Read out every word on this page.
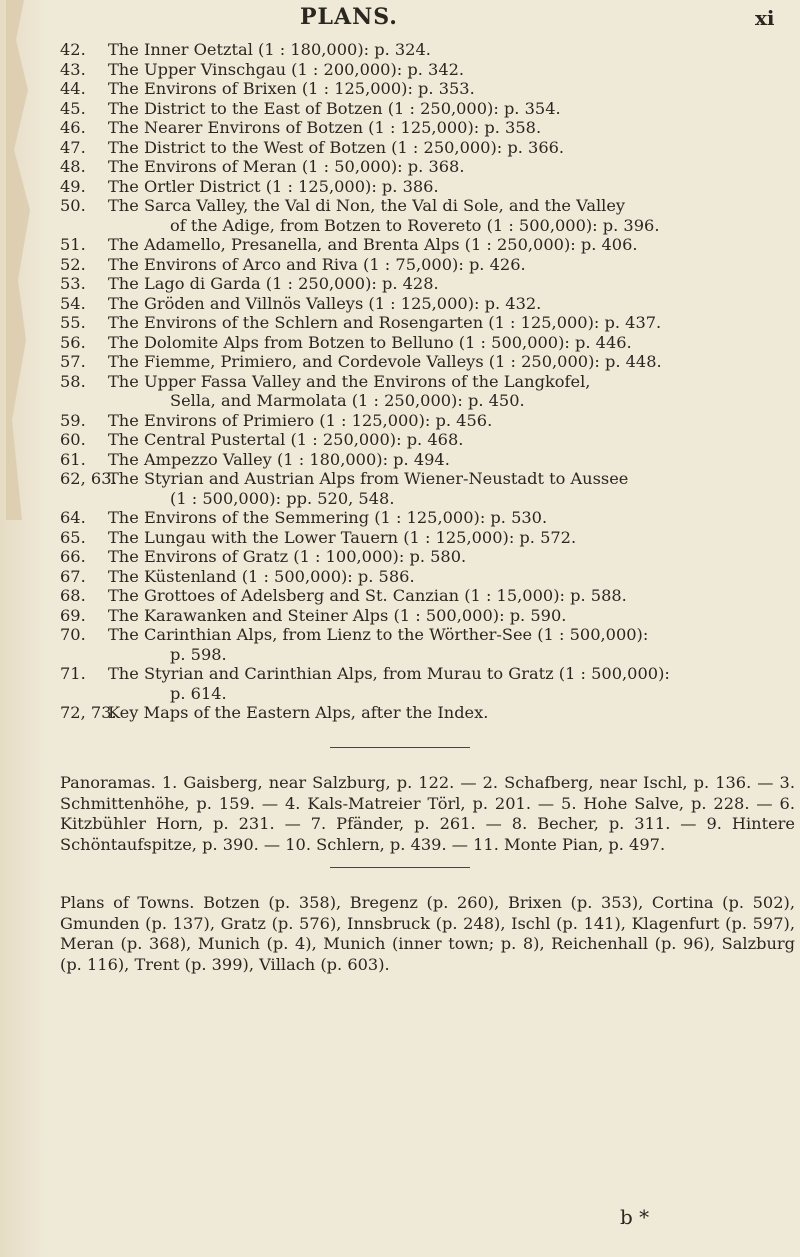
PLANS.	xi
42. The Inner Oetztal (1 : 180,000): p. 324.
43. The Upper Vinschgau (1 : 200,000): p. 342.
44. The Environs of Brixen (1 : 125,000): p. 353.
45. The District to the East of Botzen (1 : 250,000): p. 354.
46. The Nearer Environs of Botzen (1 : 125,000): p. 358.
47. The District to the West of Botzen (1 : 250,000): p. 366.
48. The Environs of Meran (1 : 50,000): p. 368.
49. The Ortler District (1 : 125,000): p. 386.
50. The Sarca Valley, the Val di Non, the Val di Sole, and the Valley
of the Adige, from Botzen to Rovereto (1 : 500,000): p. 396.
51. The Adamello, Presanella, and Brenta Alps (1 : 250,000): p. 406.
52. The Environs of Arco and Riva (1 : 75,000): p. 426.
53. The Lago di Garda (1 : 250,000): p. 428.
54. The Gröden and Villnös Valleys (1 : 125,000): p. 432.
55. The Environs of the Schlern and Rosengarten (1 : 125,000): p. 437.
56. The Dolomite Alps from Botzen to Belluno (1 : 500,000): p. 446.
57. The Fiemme, Primiero, and Cordevole Valleys (1 : 250,000): p. 448.
58. The Upper Fassa Valley and the Environs of the Langkofel,
Sella, and Marmolata (1 : 250,000): p. 450.
59. The Environs of Primiero (1 : 125,000): p. 456.
60. The Central Pustertal (1 : 250,000): p. 468.
61. The Ampezzo Valley (1 : 180,000): p. 494.
62, 63.The Styrian and Austrian Alps from Wiener-Neustadt to Aussee
(1 : 500,000): pp. 520, 548.
64. The Environs of the Semmering (1 : 125,000): p. 530.
65. The Lungau with the Lower Tauern (1 : 125,000): p. 572.
66. The Environs of Gratz (1 : 100,000): p. 580.
67. The Küstenland (1 : 500,000): p. 586.
68. The Grottoes of Adelsberg and St. Canzian (1 : 15,000): p. 588.
69. The Karawanken and Steiner Alps (1 : 500,000): p. 590.
70. The Carinthian Alps, from Lienz to the Wörther-See (1 : 500,000):
p. 598.
71. The Styrian and Carinthian Alps, from Murau to Gratz (1 : 500,000):
p. 614.
72, 73.Key Maps of the Eastern Alps, after the Index.
Panoramas. 1. Gaisberg, near Salzburg, p. 122. — 2. Schafberg, near Ischl, p. 136. — 3. Schmittenhöhe, p. 159. — 4. Kals-Matreier Törl, p. 201. — 5. Hohe Salve, p. 228. — 6. Kitzbühler Horn, p. 231. — 7. Pfänder, p. 261. — 8. Becher, p. 311. — 9. Hintere Schöntaufspitze, p. 390. — 10. Schlern, p. 439. — 11. Monte Pian, p. 497.
Plans of Towns. Botzen (p. 358), Bregenz (p. 260), Brixen (p. 353), Cortina (p. 502), Gmunden (p. 137), Gratz (p. 576), Innsbruck (p. 248), Ischl (p. 141), Klagenfurt (p. 597), Meran (p. 368), Munich (p. 4), Munich (inner town; p. 8), Reichenhall (p. 96), Salzburg (p. 116), Trent (p. 399), Villach (p. 603).
b *
